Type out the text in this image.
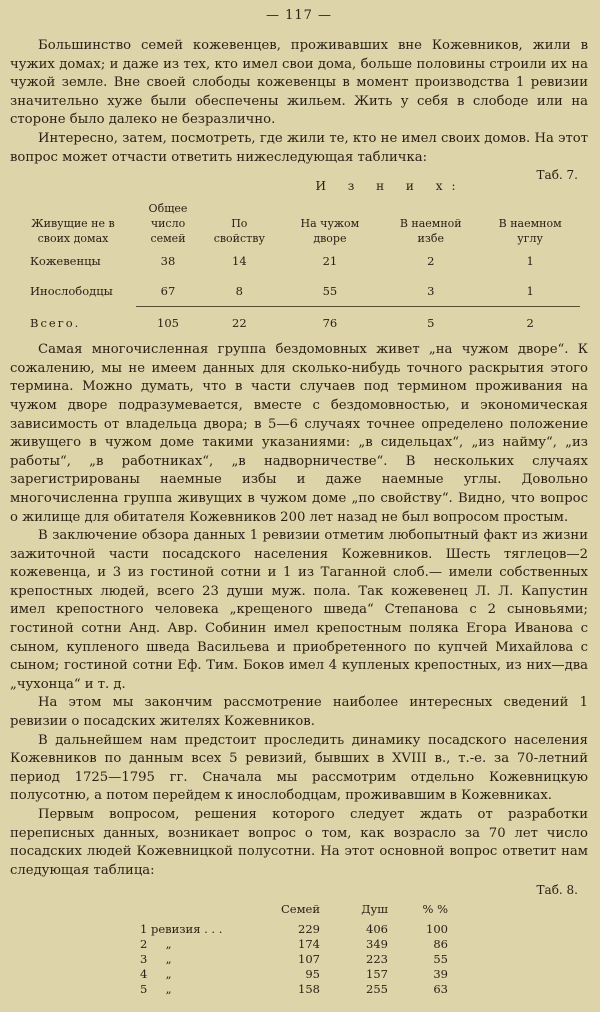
— 117 —

Большинство семей кожевенцев, проживавших вне Кожевников, жили в чужих домах; и даже из тех, кто имел свои дома, больше половины строили их на чужой земле. Вне своей слободы кожевенцы в момент производства 1 ревизии значительно хуже были обеспечены жильем. Жить у себя в слободе или на стороне было далеко не безразлично.

Интересно, затем, посмотреть, где жили те, кто не имел своих домов. На этот вопрос может отчасти ответить нижеследующая табличка:

Таб. 7.
Живущие не в своих домах	Общее число семей	И з н и х:			
		По свойству	На чужом дворе	В наемной избе	В наемном углу
Кожевенцы	38	14	21	2	1
Инослободцы	67	8	55	3	1

Всего.	105	22	76	5	2

Самая многочисленная группа бездомовных живет „на чужом дворе“. К сожалению, мы не имеем данных для сколько-нибудь точного раскрытия этого термина. Можно думать, что в части случаев под термином проживания на чужом дворе подразумевается, вместе с бездомовностью, и экономическая зависимость от владельца двора; в 5—6 случаях точнее определено положение живущего в чужом доме такими указаниями: „в сидельцах“, „из найму“, „из работы“, „в работниках“, „в надворничестве“. В нескольких случаях зарегистрированы наемные избы и даже наемные углы. Довольно многочисленна группа живущих в чужом доме „по свойству“. Видно, что вопрос о жилище для обитателя Кожевников 200 лет назад не был вопросом простым.

В заключение обзора данных 1 ревизии отметим любопытный факт из жизни зажиточной части посадского населения Кожевников. Шесть тяглецов—2 кожевенца, и 3 из гостиной сотни и 1 из Таганной слоб.— имели собственных крепостных людей, всего 23 души муж. пола. Так кожевенец Л. Л. Капустин имел крепостного человека „крещеного шведа“ Степанова с 2 сыновьями; гостиной сотни Анд. Авр. Собинин имел крепостным поляка Егора Иванова с сыном, купленого шведа Васильева и приобретенного по купчей Михайлова с сыном; гостиной сотни Еф. Тим. Боков имел 4 купленых крепостных, из них—два „чухонца“ и т. д.

На этом мы закончим рассмотрение наиболее интересных сведений 1 ревизии о посадских жителях Кожевников.

В дальнейшем нам предстоит проследить динамику посадского населения Кожевников по данным всех 5 ревизий, бывших в XVIII в., т.-е. за 70-летний период 1725—1795 гг. Сначала мы рассмотрим отдельно Кожевницкую полусотню, а потом перейдем к инослободцам, проживавшим в Кожевниках.

Первым вопросом, решения которого следует ждать от разработки переписных данных, возникает вопрос о том, как возрасло за 70 лет число посадских людей Кожевницкой полусотни. На этот основной вопрос ответит нам следующая таблица:

Таб. 8.
	Семей	Душ	% %
1 ревизия . . .	229	406	100
2     „	174	349	86
3     „	107	223	55
4     „	95	157	39
5     „	158	255	63
